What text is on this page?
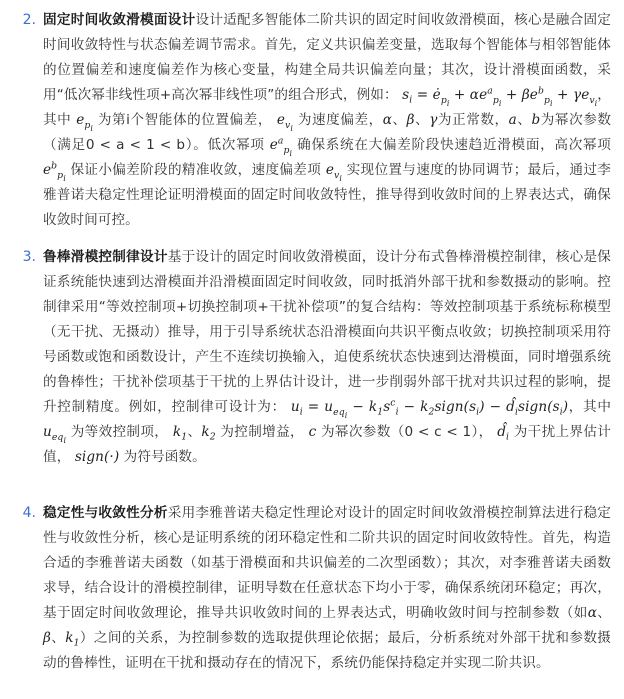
2. 固定时间收敛滑模面设计设计适配多智能体二阶共识的固定时间收敛滑模面，核心是融合固定时间收敛特性与状态偏差调节需求。首先，定义共识偏差变量，选取每个智能体与相邻智能体的位置偏差和速度偏差作为核心变量，构建全局共识偏差向量；其次，设计滑模面函数，采用“低次幂非线性项+高次幂非线性项”的组合形式，例如： $s_i$ = $ė_{p_i} + \alpha e^a_{p_i} + \beta e^b_{p_i} + \gamma e_{v_i}$，其中 $e_{p_i}$ 为第i个智能体的位置偏差， $e_{v_i}$ 为速度偏差，α、β、γ为正常数，a、b为幂次参数（满足0 < a < 1 < b）。低次幂项 $e^a_{p_i}$ 确保系统在大偏差阶段快速趋近滑模面，高次幂项 $e^b_{p_i}$ 保证小偏差阶段的精准收敛，速度偏差项 $e_{v_i}$ 实现位置与速度的协同调节；最后，通过李雅普诺夫稳定性理论证明滑模面的固定时间收敛特性，推导得到收敛时间的上界表达式，确保收敛时间可控。
3. 鲁棒滑模控制律设计基于设计的固定时间收敛滑模面，设计分布式鲁棒滑模控制律，核心是保证系统能快速到达滑模面并沿滑模面固定时间收敛，同时抵消外部干扰和参数摄动的影响。控制律采用“等效控制项+切换控制项+干扰补偿项”的复合结构：等效控制项基于系统标称模型（无干扰、无摄动）推导，用于引导系统状态沿滑模面向共识平衡点收敛；切换控制项采用符号函数或饱和函数设计，产生不连续切换输入，迫使系统状态快速到达滑模面，同时增强系统的鲁棒性；干扰补偿项基于干扰的上界估计设计，进一步削弱外部干扰对共识过程的影响，提升控制精度。例如，控制律可设计为： $u_i = u_{eq_i} - k_1s^c_i$ − $k_2sign(s_i)$ − $d̂_isign(s_i)$，其中 $u_{eq_i}$ 为等效控制项， $k_1$、$k_2$ 为控制增益， c 为幂次参数（0 < c < 1）， $d̂_i$ 为干扰上界估计值， sign(·) 为符号函数。
4. 稳定性与收敛性分析采用李雅普诺夫稳定性理论对设计的固定时间收敛滑模控制算法进行稳定性与收敛性分析，核心是证明系统的闭环稳定性和二阶共识的固定时间收敛特性。首先，构造合适的李雅普诺夫函数（如基于滑模面和共识偏差的二次型函数）；其次，对李雅普诺夫函数求导，结合设计的滑模控制律，证明导数在任意状态下均小于零，确保系统闭环稳定；再次，基于固定时间收敛理论，推导共识收敛时间的上界表达式，明确收敛时间与控制参数（如α、β、$k_1$）之间的关系，为控制参数的选取提供理论依据；最后，分析系统对外部干扰和参数摄动的鲁棒性，证明在干扰和摄动存在的情况下，系统仍能保持稳定并实现二阶共识。
